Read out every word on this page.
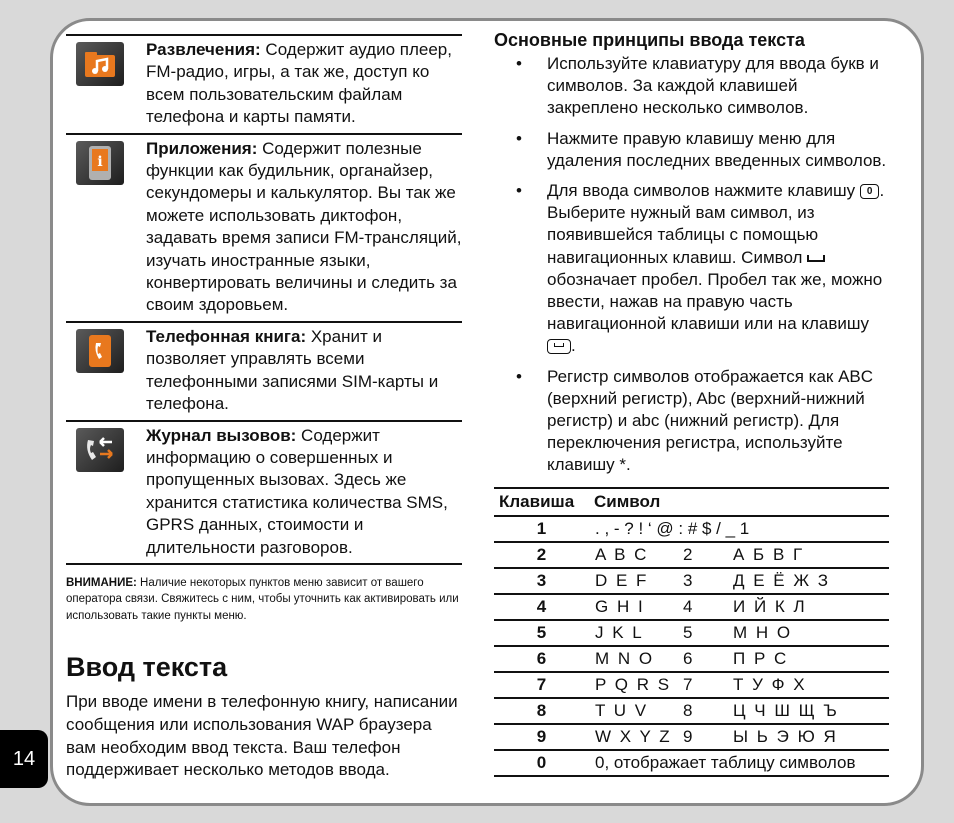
14
Развлечения: Содержит аудио плеер, FM-радио, игры, а так же, доступ ко всем пользовательским файлам телефона и карты памяти.
i
Приложения: Содержит полезные функции как будильник, органайзер, секундомеры и калькулятор. Вы так же можете использовать диктофон, задавать время записи FM-трансляций, изучать иностранные языки, конвертировать величины и следить за своим здоровьем.
Телефонная книга: Хранит и позволяет управлять всеми телефонными записями SIM-карты и телефона.
Журнал вызовов: Содержит информацию о совершенных и пропущенных вызовах. Здесь же хранится статистика количества SMS, GPRS данных, стоимости и длительности разговоров.
ВНИМАНИЕ: Наличие некоторых пунктов меню зависит от вашего оператора связи. Свяжитесь с ним, чтобы уточнить как активировать или использовать такие пункты меню.
Ввод текста
При вводе имени в телефонную книгу, написании сообщения или использования WAP браузера вам необходим ввод текста. Ваш телефон поддерживает несколько методов ввода.
Основные принципы ввода текста
• Используйте клавиатуру для ввода букв и символов. За каждой клавишей закреплено несколько символов.
• Нажмите правую клавишу меню для удаления последних введенных символов.
• Для ввода символов нажмите клавишу 0 . Выберите нужный вам символ, из появившейся таблицы с помощью навигационных клавиш. Символ  обозначает пробел. Пробел так же, можно ввести, нажав на правую часть навигационной клавиши или на клавишу .
• Регистр символов отображается как ABC (верхний регистр), Abc (верхний-нижний регистр) и abc (нижний регистр). Для переключения регистра, используйте клавишу *.
Клавиша	Символ		
1	. , - ? ! ‘ @ : # $ / _ 1		
2	A B C	2	А Б В Г
3	D E F	3	Д Е Ё Ж З
4	G H I	4	И Й К Л
5	J K L	5	М Н О
6	M N O	6	П Р С
7	P Q R S	7	Т У Ф Х
8	T U V	8	Ц Ч Ш Щ Ъ
9	W X Y Z	9	Ы Ь Э Ю Я
0	0, отображает таблицу символов		
